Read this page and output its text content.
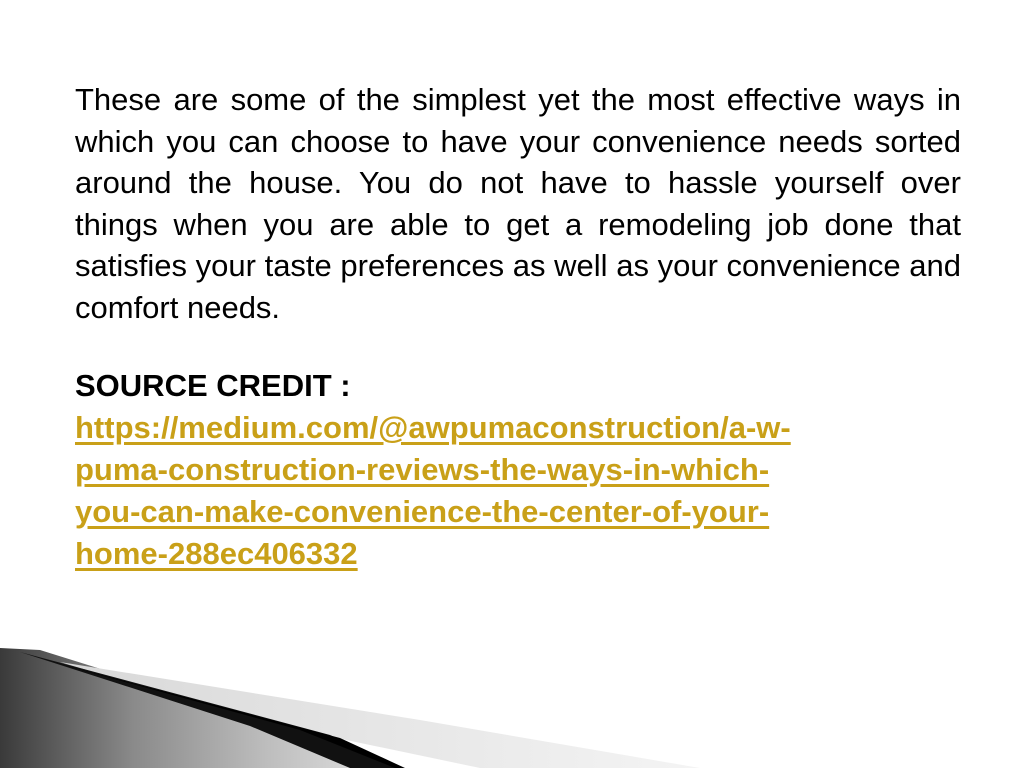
These are some of the simplest yet the most effective ways in which you can choose to have your convenience needs sorted around the house. You do not have to hassle yourself over things when you are able to get a remodeling job done that satisfies your taste preferences as well as your convenience and comfort needs.

SOURCE CREDIT :
https://medium.com/@awpumaconstruction/a-w-
puma-construction-reviews-the-ways-in-which-
you-can-make-convenience-the-center-of-your-
home-288ec406332
